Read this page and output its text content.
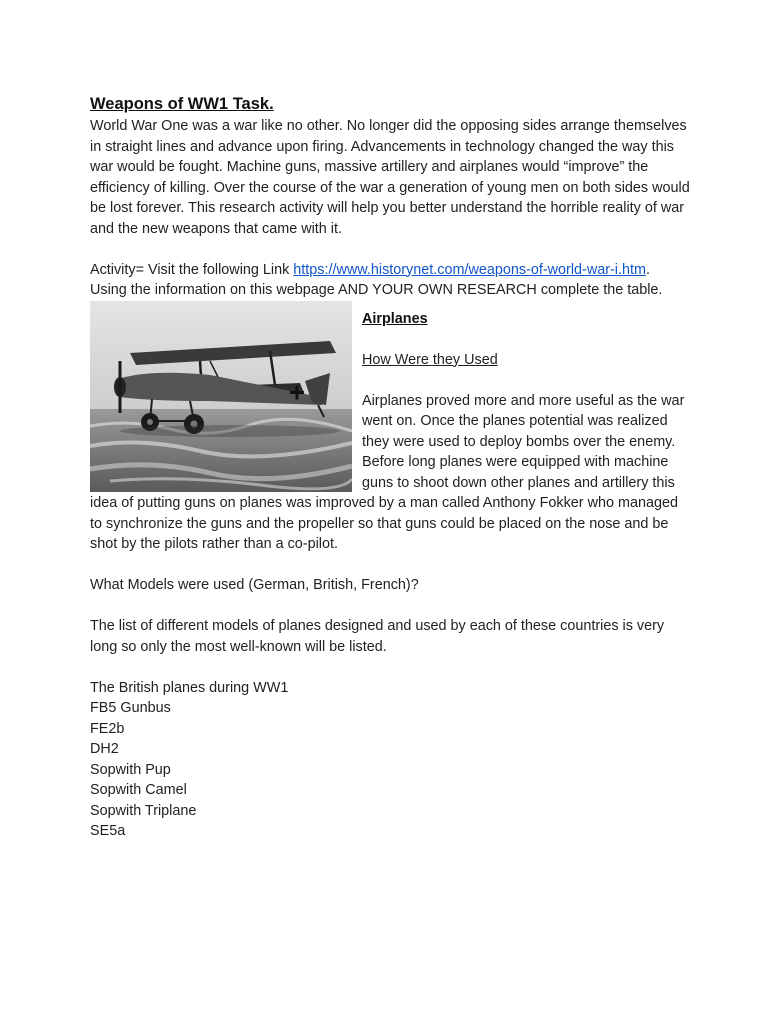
Weapons of WW1 Task.

World War One was a war like no other. No longer did the opposing sides arrange themselves in straight lines and advance upon firing. Advancements in technology changed the way this war would be fought. Machine guns, massive artillery and airplanes would “improve” the efficiency of killing. Over the course of the war a generation of young men on both sides would be lost forever. This research activity will help you better understand the horrible reality of war and the new weapons that came with it.

Activity= Visit the following Link https://www.historynet.com/weapons-of-world-war-i.htm. Using the information on this webpage AND YOUR OWN RESEARCH complete the table.

Airplanes

How Were they Used

Airplanes proved more and more useful as the war went on. Once the planes potential was realized they were used to deploy bombs over the enemy. Before long planes were equipped with machine guns to shoot down other planes and artillery this idea of putting guns on planes was improved by a man called Anthony Fokker who managed to synchronize the guns and the propeller so that guns could be placed on the nose and be shot by the pilots rather than a co-pilot.

What Models were used (German, British, French)?

The list of different models of planes designed and used by each of these countries is very long so only the most well-known will be listed.

The British planes during WW1

FB5 Gunbus
FE2b
DH2
Sopwith Pup
Sopwith Camel
Sopwith Triplane
SE5a
